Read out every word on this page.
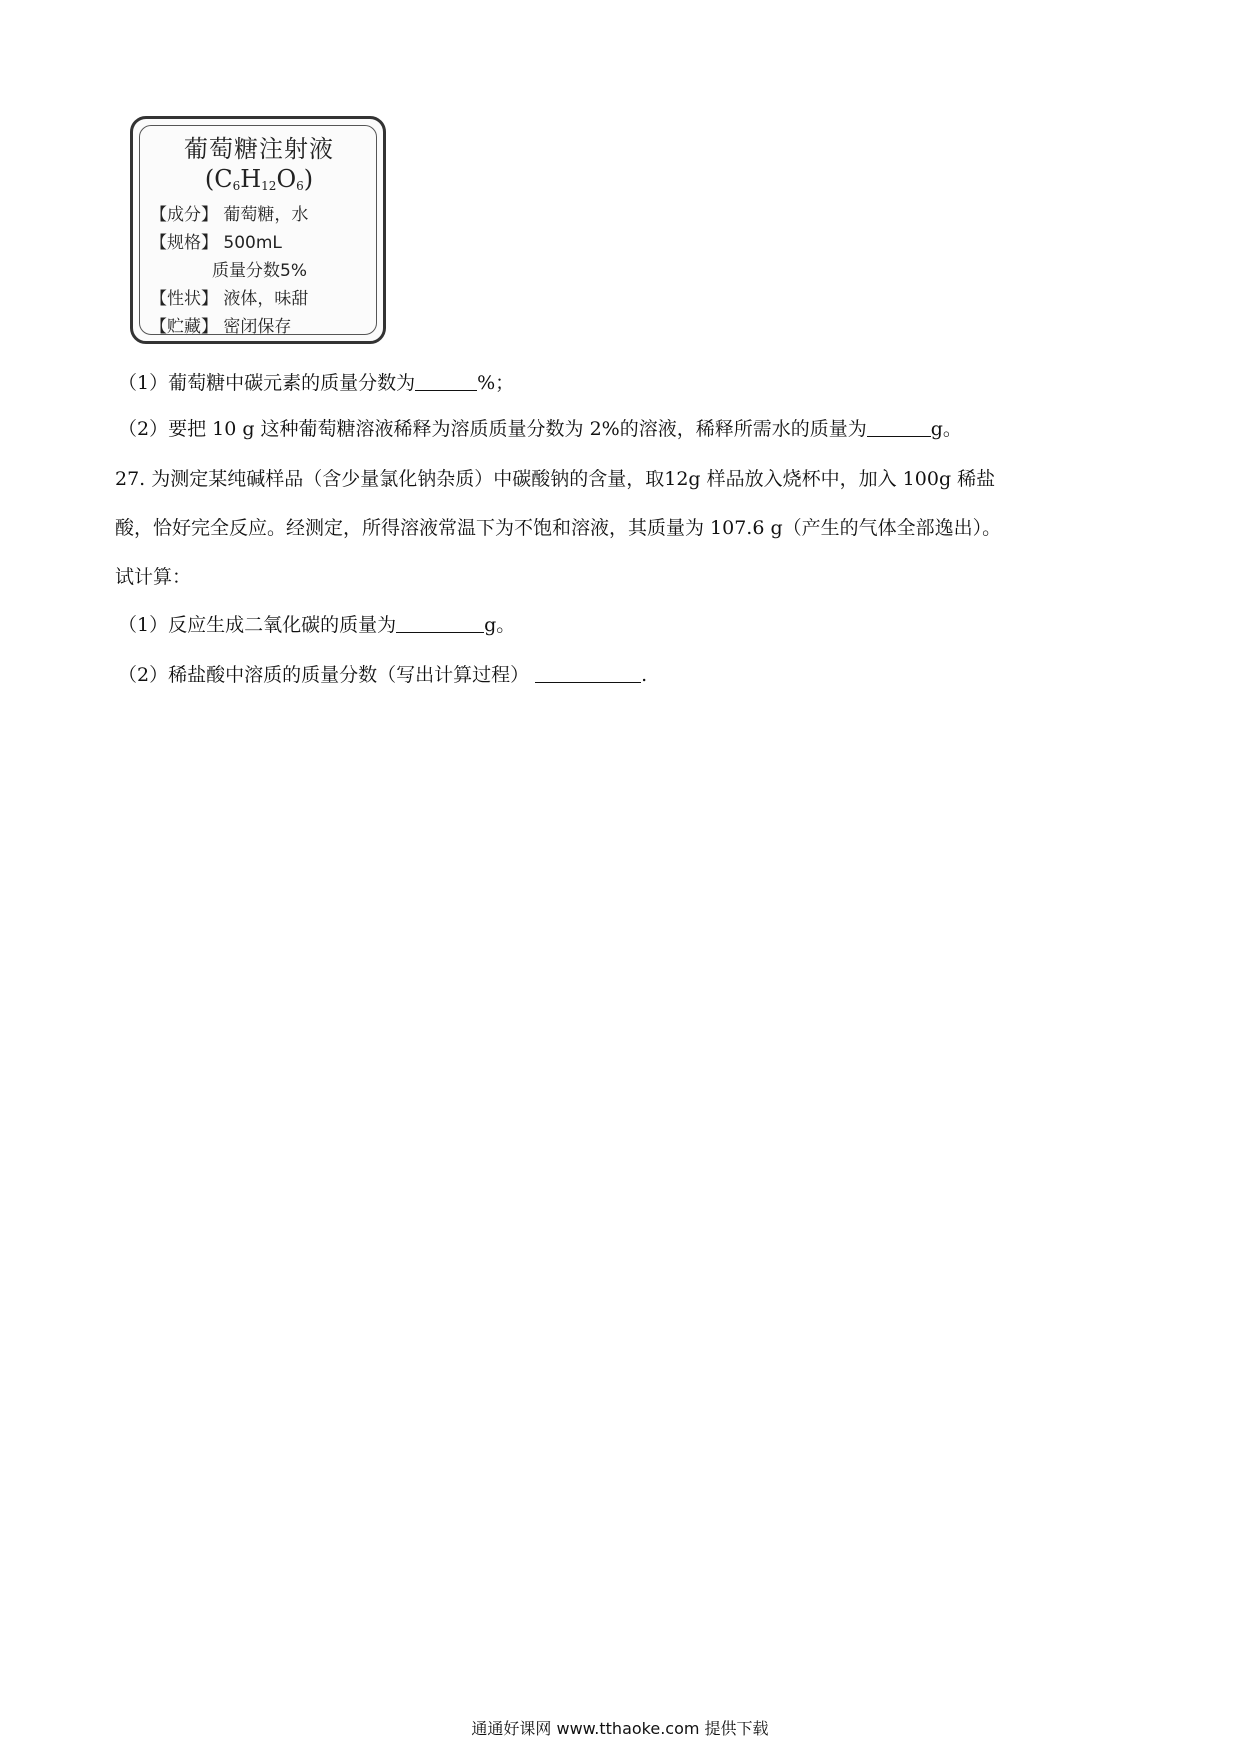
葡萄糖注射液
$(C_6H_{12}O_6)$
【成分】 葡萄糖，水
【规格】 500mL
质量分数5%
【性状】 液体，味甜
【贮藏】 密闭保存
（1）葡萄糖中碳元素的质量分数为	%；
（2）要把 10 g 这种葡萄糖溶液稀释为溶质质量分数为 2%的溶液，稀释所需水的质量为	g。
27. 为测定某纯碱样品（含少量氯化钠杂质）中碳酸钠的含量，取12g 样品放入烧杯中，加入 100g 稀盐
酸，恰好完全反应。经测定，所得溶液常温下为不饱和溶液，其质量为 107.6 g（产生的气体全部逸出）。
试计算：
（1）反应生成二氧化碳的质量为	g。
（2）稀盐酸中溶质的质量分数（写出计算过程）	.
通通好课网 www.tthaoke.com 提供下载
